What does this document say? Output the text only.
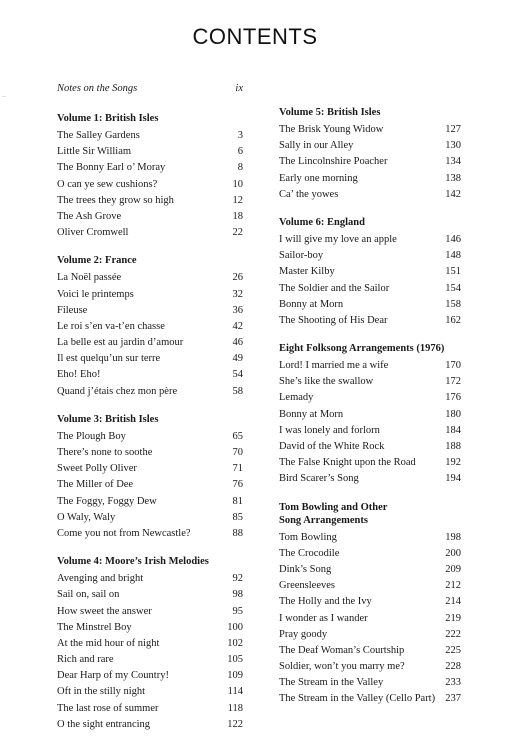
CONTENTS
Notes on the Songs	ix
Volume 1: British Isles
The Salley Gardens	3
Little Sir William	6
The Bonny Earl o’ Moray	8
O can ye sew cushions?	10
The trees they grow so high	12
The Ash Grove	18
Oliver Cromwell	22
Volume 2: France
La Noël passée	26
Voici le printemps	32
Fileuse	36
Le roi s’en va-t’en chasse	42
La belle est au jardin d’amour	46
Il est quelqu’un sur terre	49
Eho! Eho!	54
Quand j’étais chez mon père	58
Volume 3: British Isles
The Plough Boy	65
There’s none to soothe	70
Sweet Polly Oliver	71
The Miller of Dee	76
The Foggy, Foggy Dew	81
O Waly, Waly	85
Come you not from Newcastle?	88
Volume 4: Moore’s Irish Melodies
Avenging and bright	92
Sail on, sail on	98
How sweet the answer	95
The Minstrel Boy	100
At the mid hour of night	102
Rich and rare	105
Dear Harp of my Country!	109
Oft in the stilly night	114
The last rose of summer	118
O the sight entrancing	122
Volume 5: British Isles
The Brisk Young Widow	127
Sally in our Alley	130
The Lincolnshire Poacher	134
Early one morning	138
Ca’ the yowes	142
Volume 6: England
I will give my love an apple	146
Sailor-boy	148
Master Kilby	151
The Soldier and the Sailor	154
Bonny at Morn	158
The Shooting of His Dear	162
Eight Folksong Arrangements (1976)
Lord! I married me a wife	170
She’s like the swallow	172
Lemady	176
Bonny at Morn	180
I was lonely and forlorn	184
David of the White Rock	188
The False Knight upon the Road	192
Bird Scarer’s Song	194
Tom Bowling and Other Song Arrangements
Tom Bowling	198
The Crocodile	200
Dink’s Song	209
Greensleeves	212
The Holly and the Ivy	214
I wonder as I wander	219
Pray goody	222
The Deaf Woman’s Courtship	225
Soldier, won’t you marry me?	228
The Stream in the Valley	233
The Stream in the Valley (Cello Part) 237
